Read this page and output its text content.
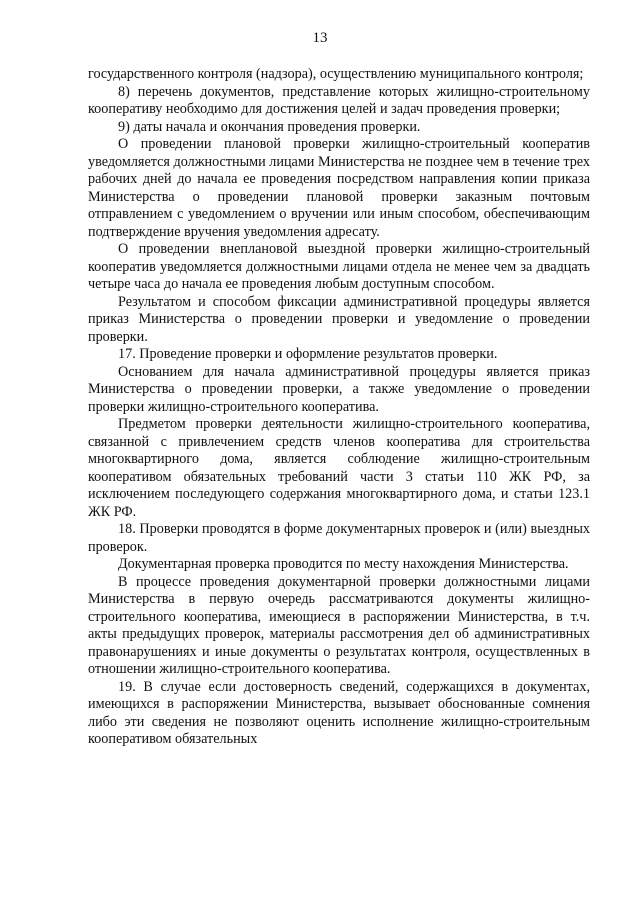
13

государственного контроля (надзора), осуществлению муниципального контроля;

8) перечень документов, представление которых жилищно-строительному кооперативу необходимо для достижения целей и задач проведения проверки;

9) даты начала и окончания проведения проверки.

О проведении плановой проверки жилищно-строительный кооператив уведомляется должностными лицами Министерства не позднее чем в течение трех рабочих дней до начала ее проведения посредством направления копии приказа Министерства о проведении плановой проверки заказным почтовым отправлением с уведомлением о вручении или иным способом, обеспечивающим подтверждение вручения уведомления адресату.

О проведении внеплановой выездной проверки жилищно-строительный кооператив уведомляется должностными лицами отдела не менее чем за двадцать четыре часа до начала ее проведения любым доступным способом.

Результатом и способом фиксации административной процедуры является приказ Министерства о проведении проверки и уведомление о проведении проверки.

17. Проведение проверки и оформление результатов проверки.

Основанием для начала административной процедуры является приказ Министерства о проведении проверки, а также уведомление о проведении проверки жилищно-строительного кооператива.

Предметом проверки деятельности жилищно-строительного кооператива, связанной с привлечением средств членов кооператива для строительства многоквартирного дома, является соблюдение жилищно-строительным кооперативом обязательных требований части 3 статьи 110 ЖК РФ, за исключением последующего содержания многоквартирного дома, и статьи 123.1 ЖК РФ.

18. Проверки проводятся в форме документарных проверок и (или) выездных проверок.

Документарная проверка проводится по месту нахождения Министерства.

В процессе проведения документарной проверки должностными лицами Министерства в первую очередь рассматриваются документы жилищно-строительного кооператива, имеющиеся в распоряжении Министерства, в т.ч. акты предыдущих проверок, материалы рассмотрения дел об административных правонарушениях и иные документы о результатах контроля, осуществленных в отношении жилищно-строительного кооператива.

19. В случае если достоверность сведений, содержащихся в документах, имеющихся в распоряжении Министерства, вызывает обоснованные сомнения либо эти сведения не позволяют оценить исполнение жилищно-строительным кооперативом обязательных
